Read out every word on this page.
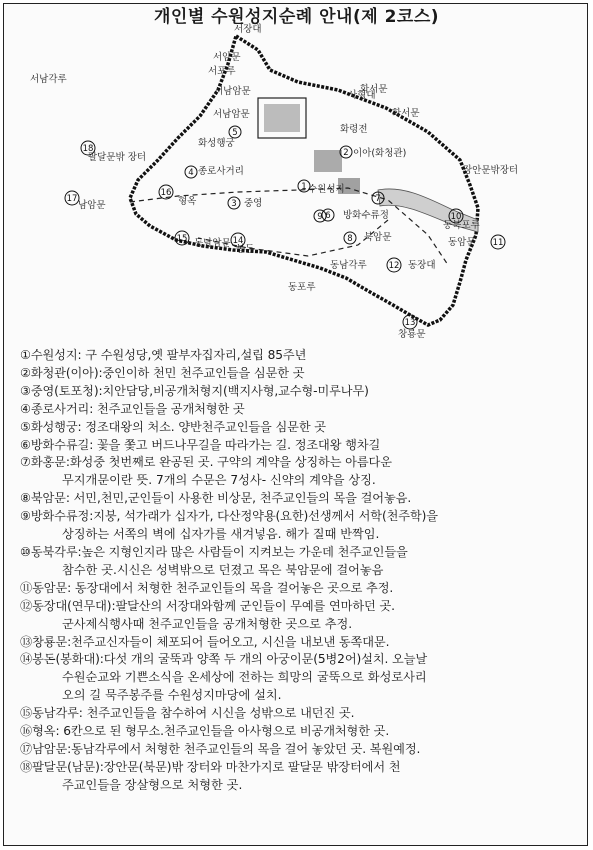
개인별 수원성지순례 안내(제 2코스)
서장대
서암문
서포루
서남각루
서남암문
서남암문
팔달문밖 장터
남암문
화성행궁
종로사거리
형옥
화령전
사형대
화서문
이아(화청관)
수원성지
중영
방화수류정
북암문
동북포루
동암문
장안문밖장터
동장대
창룡문
동남각루
동포루
봉돈
동남암문
화서문
1
2
3
4
5
6
7
8
9	10
11
12
13
14
15
16
17
18
①수원성지: 구 수원성당,옛 팔부자집자리,설립 85주년
②화청관(이아):중인이하 천민 천주교인들을 심문한 곳
③중영(토포청):치안담당,비공개처형지(백지사형,교수형-미루나무)
④종로사거리: 천주교인들을 공개처형한 곳
⑤화성행궁: 정조대왕의 처소. 양반천주교인들을 심문한 곳
⑥방화수류길: 꽃을 쫓고 버드나무길을 따라가는 길. 정조대왕 행차길
⑦화홍문:화성중 첫번째로 완공된 곳. 구약의 계약을 상징하는 아름다운
무지개문이란 뜻. 7개의 수문은 7성사- 신약의 계약을 상징.
⑧북암문: 서민,천민,군인들이 사용한 비상문, 천주교인들의 목을 걸어놓음.
⑨방화수류정:지붕, 석가래가 십자가, 다산정약용(요한)선생께서 서학(천주학)을
상징하는 서쪽의 벽에 십자가를 새겨넣음. 해가 질때 반짝임.
⑩동북각루:높은 지형인지라 많은 사람들이 지켜보는 가운데 천주교인들을
참수한 곳.시신은 성벽밖으로 던졌고 목은 북암문에 걸어놓음
⑪동암문: 동장대에서 처형한 천주교인들의 목을 걸어놓은 곳으로 추정.
⑫동장대(연무대):팔달산의 서장대와함께 군인들이 무예를 연마하던 곳.
군사제식행사때 천주교인들을 공개처형한 곳으로 추정.
⑬창룡문:천주교신자들이 체포되어 들어오고, 시신을 내보낸 동쪽대문.
⑭봉돈(봉화대):다섯 개의 굴뚝과 양쪽 두 개의 아궁이문(5병2어)설치. 오늘날
수원순교와 기쁜소식을 온세상에 전하는 희망의 굴뚝으로 화성로사리
오의 길 묵주봉주를 수원성지마당에 설치.
⑮동남각루: 천주교인들을 참수하여 시신을 성밖으로 내던진 곳.
⑯형옥: 6칸으로 된 형무소.천주교인들을 아사형으로 비공개처형한 곳.
⑰남암문:동남각루에서 처형한 천주교인들의 목을 걸어 놓았던 곳. 복원예정.
⑱팔달문(남문):장안문(북문)밖 장터와 마찬가지로 팔달문 밖장터에서 천
주교인들을 장살형으로 처형한 곳.
